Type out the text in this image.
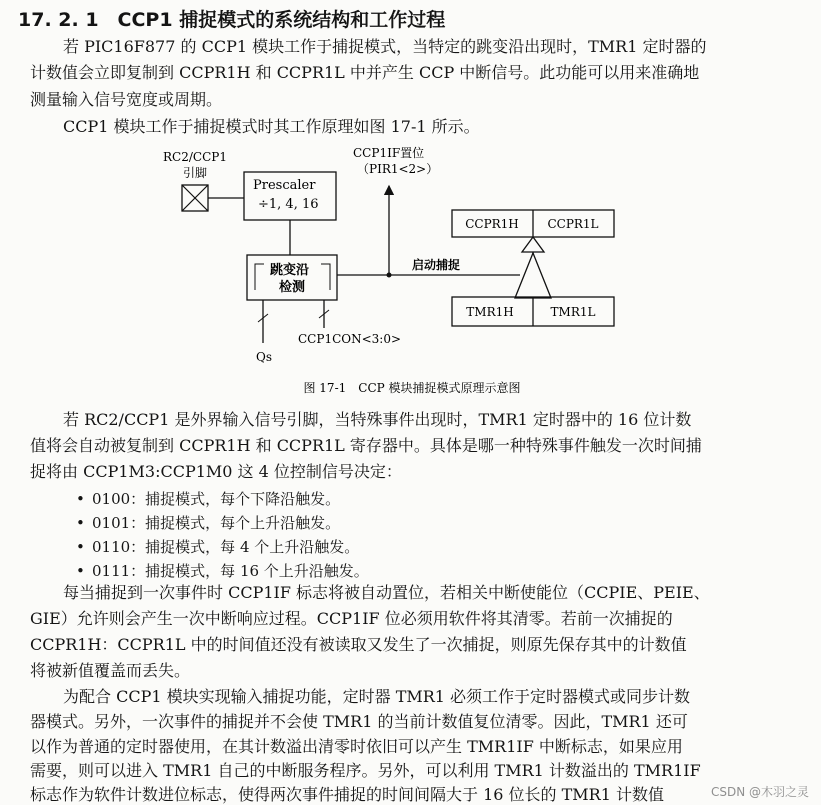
17. 2. 1　CCP1 捕捉模式的系统结构和工作过程
若 PIC16F877 的 CCP1 模块工作于捕捉模式，当特定的跳变沿出现时，TMR1 定时器的
计数值会立即复制到 CCPR1H 和 CCPR1L 中并产生 CCP 中断信号。此功能可以用来准确地
测量输入信号宽度或周期。
CCP1 模块工作于捕捉模式时其工作原理如图 17-1 所示。
RC2/CCP1
引脚
Prescaler
÷1, 4, 16
跳变沿
检测
Qs
CCP1CON<3:0>
CCP1IF置位
（PIR1<2>）
启动捕捉
CCPR1H CCPR1L
TMR1H	TMR1L
图 17-1　CCP 模块捕捉模式原理示意图
若 RC2/CCP1 是外界输入信号引脚，当特殊事件出现时，TMR1 定时器中的 16 位计数
值将会自动被复制到 CCPR1H 和 CCPR1L 寄存器中。具体是哪一种特殊事件触发一次时间捕
捉将由 CCP1M3:CCP1M0 这 4 位控制信号决定：
• 0100：捕捉模式，每个下降沿触发。
• 0101：捕捉模式，每个上升沿触发。
• 0110：捕捉模式，每 4 个上升沿触发。
• 0111：捕捉模式，每 16 个上升沿触发。
每当捕捉到一次事件时 CCP1IF 标志将被自动置位，若相关中断使能位（CCPIE、PEIE、
GIE）允许则会产生一次中断响应过程。CCP1IF 位必须用软件将其清零。若前一次捕捉的
CCPR1H：CCPR1L 中的时间值还没有被读取又发生了一次捕捉，则原先保存其中的计数值
将被新值覆盖而丢失。
为配合 CCP1 模块实现输入捕捉功能，定时器 TMR1 必须工作于定时器模式或同步计数
器模式。另外，一次事件的捕捉并不会使 TMR1 的当前计数值复位清零。因此，TMR1 还可
以作为普通的定时器使用，在其计数溢出清零时依旧可以产生 TMR1IF 中断标志，如果应用
需要，则可以进入 TMR1 自己的中断服务程序。另外，可以利用 TMR1 计数溢出的 TMR1IF
标志作为软件计数进位标志，使得两次事件捕捉的时间间隔大于 16 位长的 TMR1 计数值	CSDN @木羽之灵
